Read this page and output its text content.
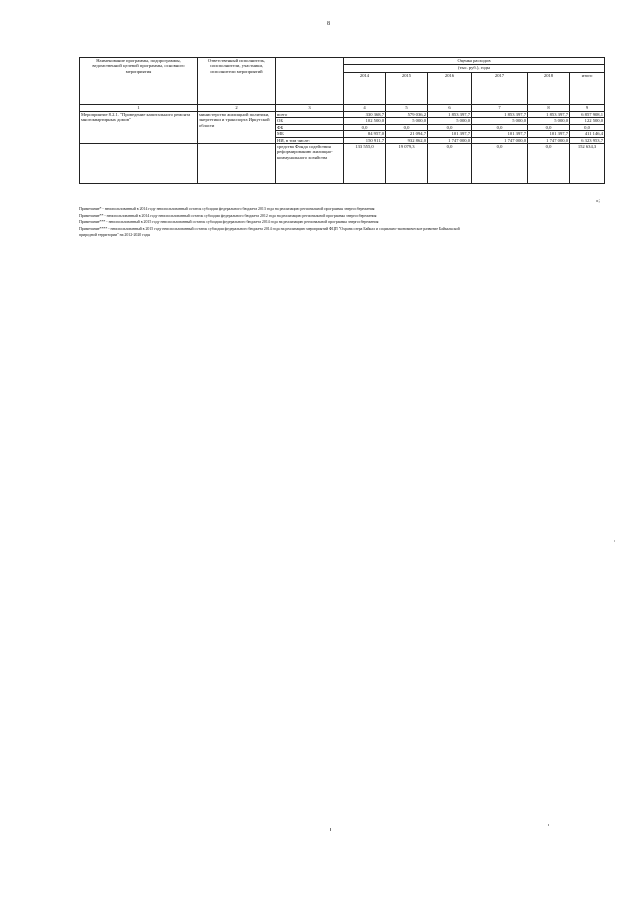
8
Наименование программы, подпрограммы, ведомственной целевой программы, основного мероприятия	Ответственный исполнитель, соисполнители, участники, исполнители мероприятий		Оценка расходов					
			(тыс. руб.), годы					
			2014	2015	2016	2017	2018	итого
1	2	3	4	5	6	7	8	9
Мероприятие 8.2.1. "Проведение капитального ремонта многоквартирных домов"	министерство жилищной политики, энергетики и транспорта Иркутской области	всего	330 368,7	579 036,2	1 853 397,7	1 853 397,7	1 853 397,7	6 857 908,1
		ОБ	102 500,0	5 000,0	5 000,0	5 000,0	5 000,0	122 500,0
		ФБ	0,0	0,0	0,0	0,0	0,0	0,0
		МБ	84 957,0	21 094,7	101 397,7	101 397,7	101 397,7	411 146,4
		НИ, в том числе:	150 911,7	932 862,0	1 747 000,0	1 747 000,0	1 747 000,0	6 323 953,7
		средства Фонда содействия реформированию жилищно-коммунального хозяйства	133 555,0	19 079,3	0,0	0,0	0,0	152 634,3
»;
Примечание* - неиспользованный в 2014 году неиспользованный остаток субсидии федерального бюджета 2013 года на реализацию региональной программы энергосбережения
Примечание** - неиспользованный в 2014 году неиспользованный остаток субсидии федерального бюджета 2012 года на реализацию региональной программы энергосбережения
Примечание*** - неиспользованный в 2015 году неиспользованный остаток субсидии федерального бюджета 2014 года на реализацию региональной программы энергосбережения
Примечание**** - неиспользованный в 2015 году неиспользованный остаток субсидии федерального бюджета 2014 года на реализацию мероприятий ФЦП "Охрана озера Байкал и социально-экономическое развитие Байкальской
природной территории" на 2012-2020 годы
